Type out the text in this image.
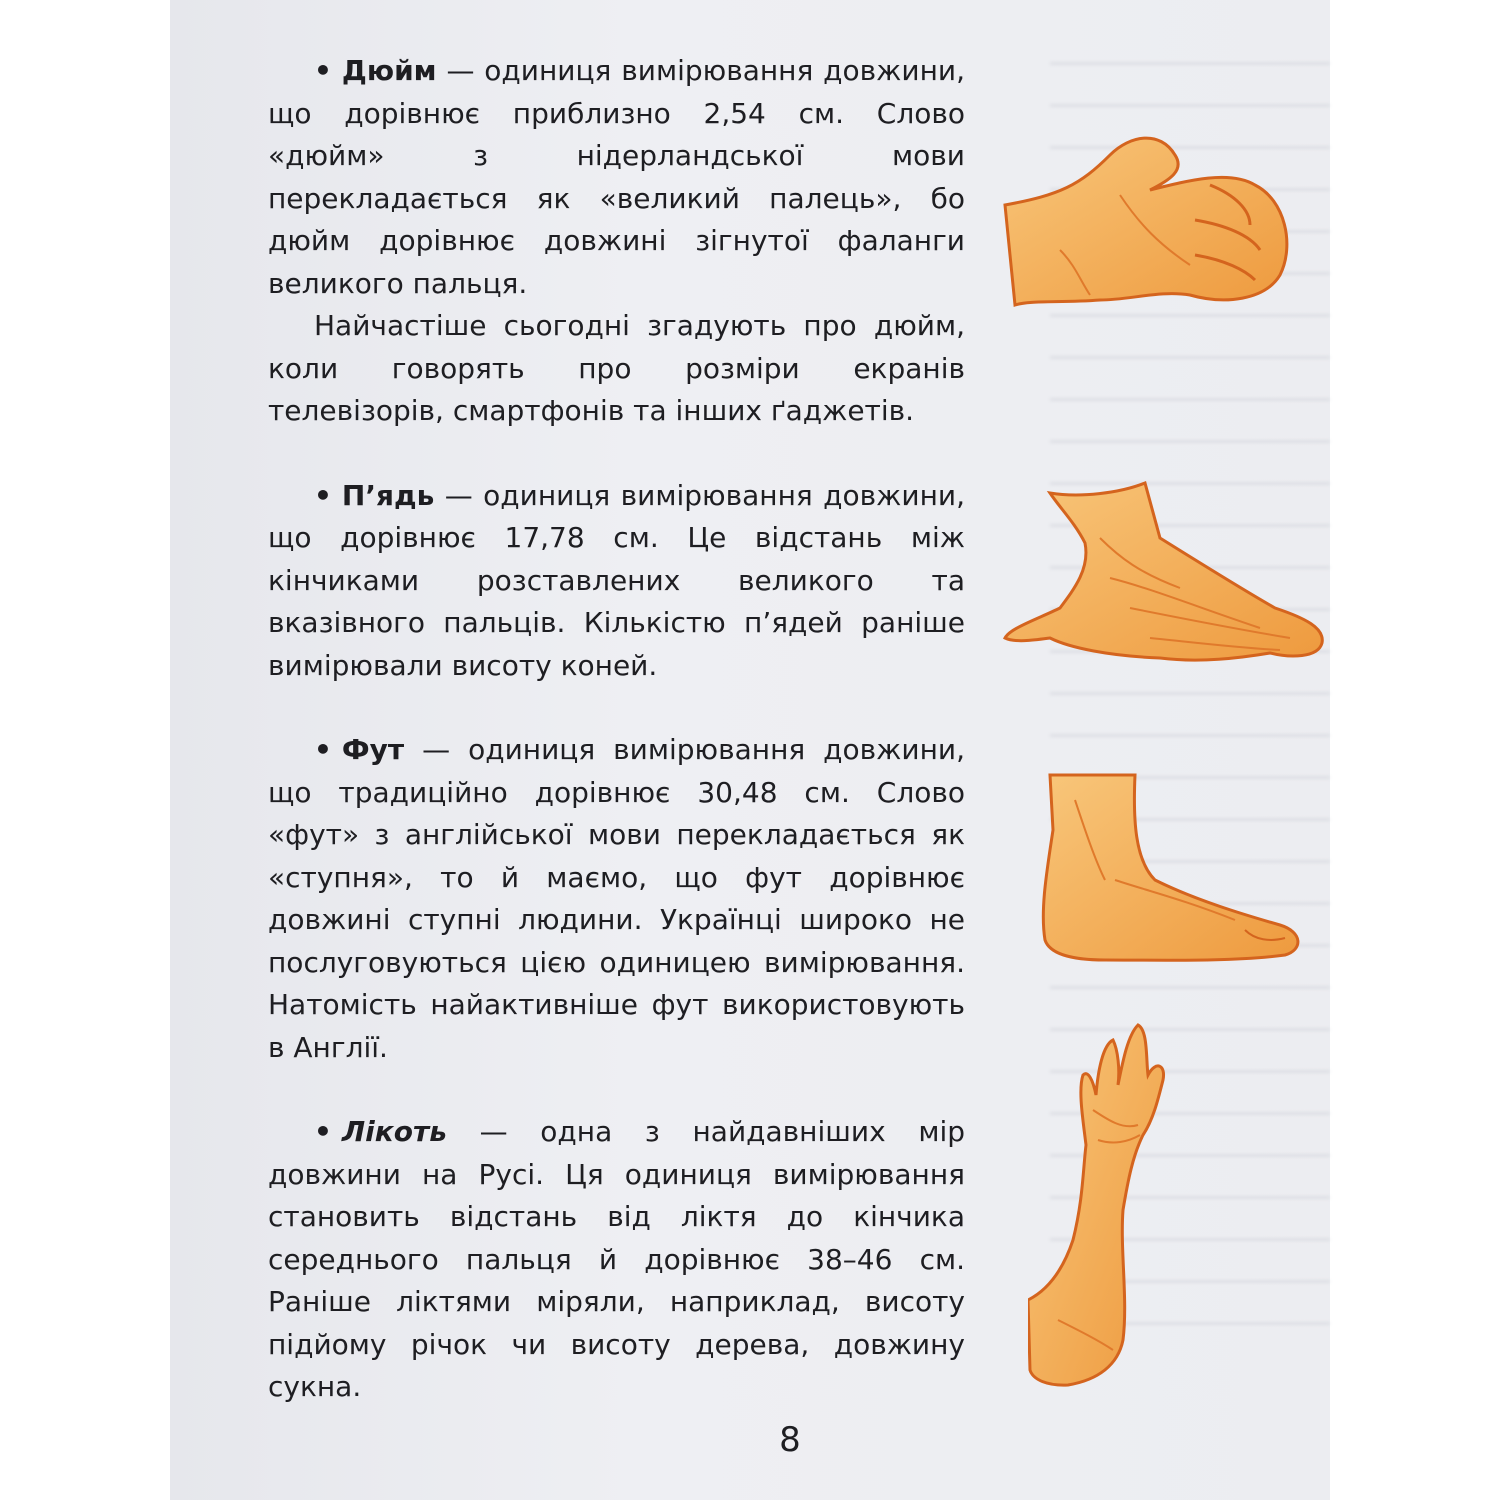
• Дюйм — одиниця вимірювання довжини, що дорівнює приблизно 2,54 см. Слово «дюйм» з нідерландської мови перекладається як «великий палець», бо дюйм дорівнює довжині зігнутої фаланги великого пальця.

Найчастіше сьогодні згадують про дюйм, коли говорять про розміри екранів телевізорів, смартфонів та інших ґаджетів.

• П’ядь — одиниця вимірювання довжини, що дорівнює 17,78 см. Це відстань між кінчиками розставлених великого та вказівного пальців. Кількістю п’ядей раніше вимірювали висоту коней.

• Фут — одиниця вимірювання довжини, що традиційно дорівнює 30,48 см. Слово «фут» з англійської мови перекладається як «ступня», то й маємо, що фут дорівнює довжині ступні людини. Українці широко не послуговуються цією одиницею вимірювання. Натомість найактивніше фут використовують в Англії.

• Лікоть — одна з найдавніших мір довжини на Русі. Ця одиниця вимірювання становить відстань від ліктя до кінчика середнього пальця й дорівнює 38–46 см. Раніше ліктями міряли, наприклад, висоту підйому річок чи висоту дерева, довжину сукна.

8
